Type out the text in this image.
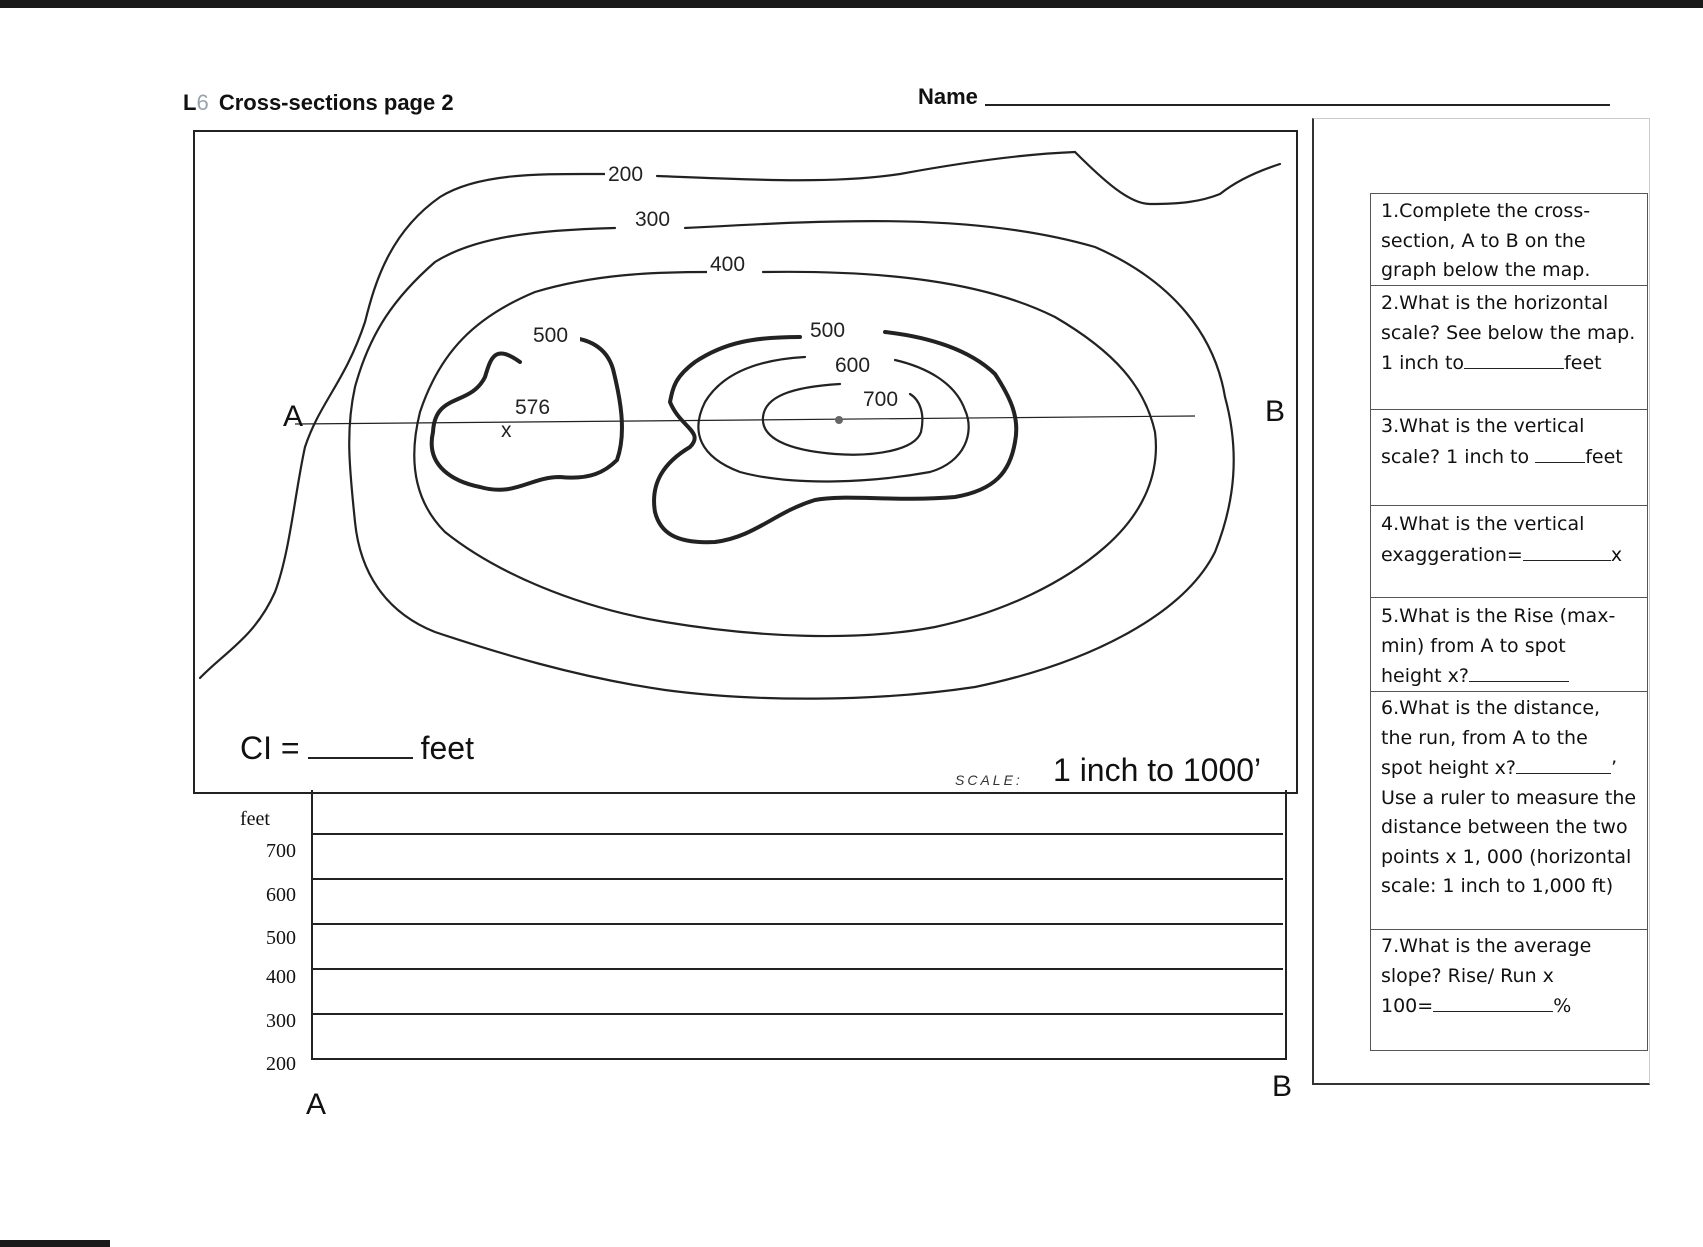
L6 Cross-sections page 2	Name
x
200
300
400
500	500
600
700
576
A	B
CI =	feet
SCALE: 1 inch to 1000’
feet
700
600
500
400
300
200
A
B

1.Complete the cross-section, A to B on the graph below the map.

2.What is the horizontal scale? See below the map.

1 inch to	feet

3.What is the vertical

scale? 1 inch to	feet

4.What is the vertical

exaggeration=	x

5.What is the Rise (max-min) from A to spot

height x?

6.What is the distance, the run, from A to the

spot height x?	’

Use a ruler to measure the distance between the two points x 1, 000 (horizontal scale: 1 inch to 1,000 ft)

7.What is the average slope? Rise/ Run x

100=	%
